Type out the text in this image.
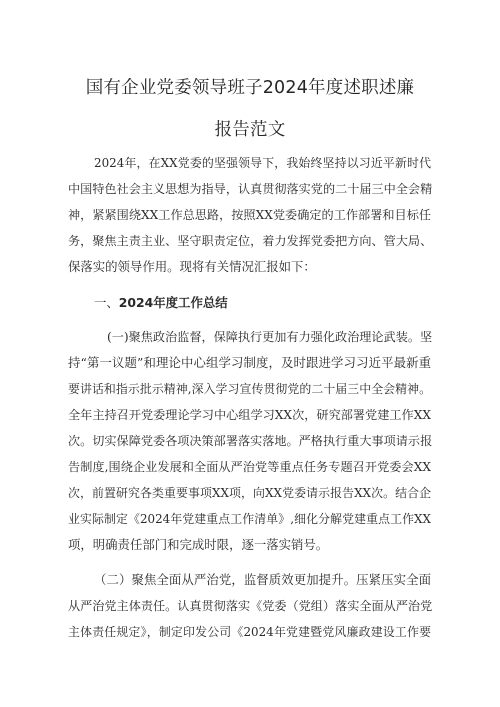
国有企业党委领导班子2024年度述职述廉
报告范文
2024年，在XX党委的坚强领导下，我始终坚持以习近平新时代
中国特色社会主义思想为指导，认真贯彻落实党的二十届三中全会精
神，紧紧围绕XX工作总思路，按照XX党委确定的工作部署和目标任
务，聚焦主责主业、坚守职责定位，着力发挥党委把方向、管大局、
保落实的领导作用。现将有关情况汇报如下：
一、2024年度工作总结
(一)聚焦政治监督，保障执行更加有力强化政治理论武装。坚
持“第一议题”和理论中心组学习制度，及时跟进学习习近平最新重
要讲话和指示批示精神,深入学习宣传贯彻党的二十届三中全会精神。
全年主持召开党委理论学习中心组学习XX次，研究部署党建工作XX
次。切实保障党委各项决策部署落实落地。严格执行重大事项请示报
告制度,围绕企业发展和全面从严治党等重点任务专题召开党委会XX
次，前置研究各类重要事项XX项，向XX党委请示报告XX次。结合企
业实际制定《2024年党建重点工作清单》,细化分解党建重点工作XX
项，明确责任部门和完成时限，逐一落实销号。
（二）聚焦全面从严治党，监督质效更加提升。压紧压实全面
从严治党主体责任。认真贯彻落实《党委（党组）落实全面从严治党
主体责任规定》，制定印发公司《2024年党建暨党风廉政建设工作要
